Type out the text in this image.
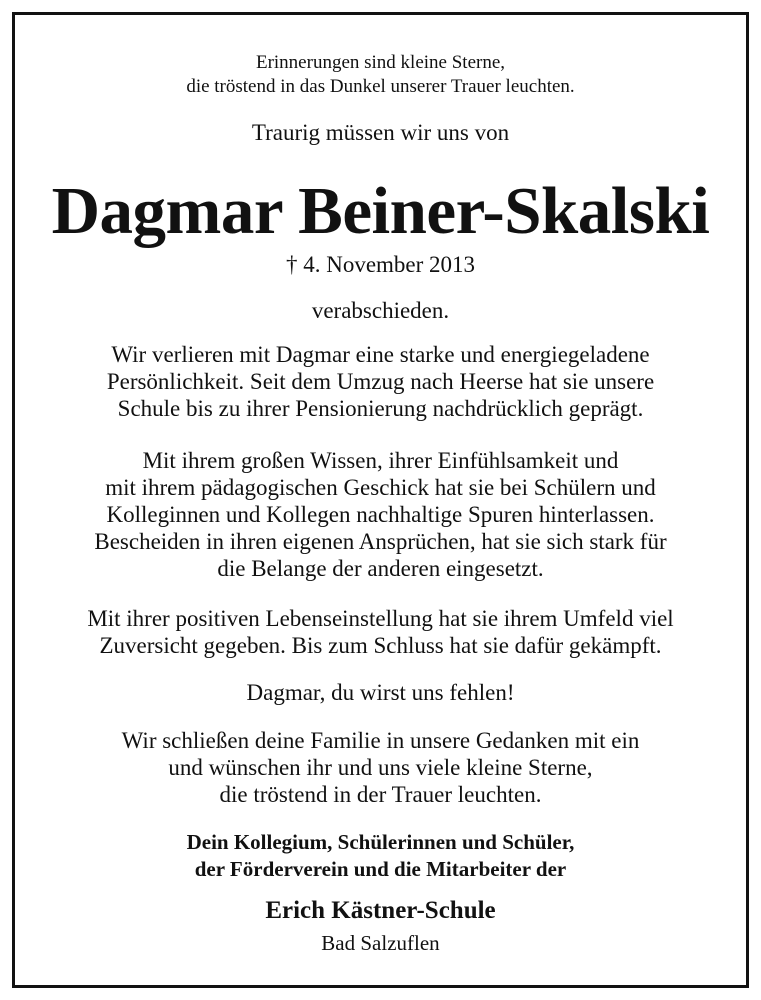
Erinnerungen sind kleine Sterne,
die tröstend in das Dunkel unserer Trauer leuchten.
Traurig müssen wir uns von
Dagmar Beiner-Skalski
† 4. November 2013
verabschieden.
Wir verlieren mit Dagmar eine starke und energiegeladene
Persönlichkeit. Seit dem Umzug nach Heerse hat sie unsere
Schule bis zu ihrer Pensionierung nachdrücklich geprägt.
Mit ihrem großen Wissen, ihrer Einfühlsamkeit und
mit ihrem pädagogischen Geschick hat sie bei Schülern und
Kolleginnen und Kollegen nachhaltige Spuren hinterlassen.
Bescheiden in ihren eigenen Ansprüchen, hat sie sich stark für
die Belange der anderen eingesetzt.
Mit ihrer positiven Lebenseinstellung hat sie ihrem Umfeld viel
Zuversicht gegeben. Bis zum Schluss hat sie dafür gekämpft.
Dagmar, du wirst uns fehlen!
Wir schließen deine Familie in unsere Gedanken mit ein
und wünschen ihr und uns viele kleine Sterne,
die tröstend in der Trauer leuchten.
Dein Kollegium, Schülerinnen und Schüler,
der Förderverein und die Mitarbeiter der
Erich Kästner-Schule
Bad Salzuflen
